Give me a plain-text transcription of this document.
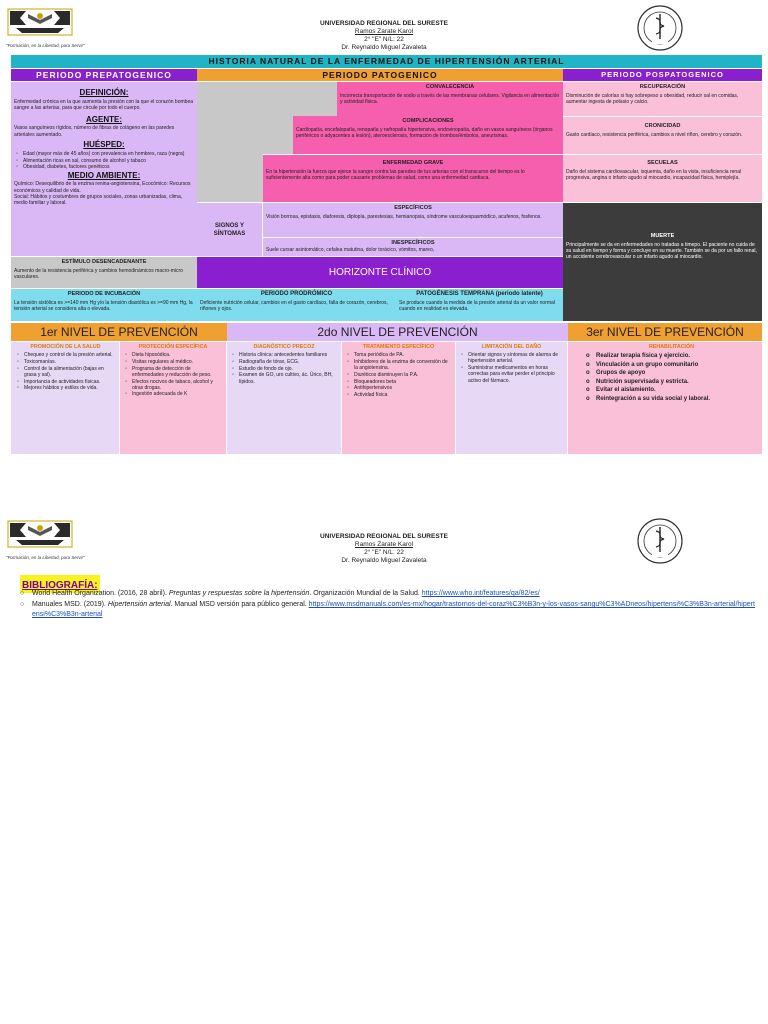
"Formación, en la Libertad, para Servir"
UNIVERSIDAD REGIONAL DEL SURESTE
Ramos Zarate Karol
2° "E" N/L: 22
Dr. Reynaldo Miguel Zavaleta
HISTORIA NATURAL DE LA ENFERMEDAD DE HIPERTENSIÓN ARTERIAL
PERIODO PREPATOGENICO	PERIODO PATOGENICO	PERIODO POSPATOGENICO
DEFINICIÓN:
Enfermedad crónica en la que aumenta la presión con la que el corazón bombea sangre a las arterias, para que circule por todo el cuerpo.
AGENTE:
Vasos sanguíneos rígidos, número de fibras de colágeno en las paredes arteriales aumentado.
HUÉSPED:
◦ Edad (mayor más de 45 años) con prevalencia en hombres, raza (negra)
◦ Alimentación ricas en sal, consumo de alcohol y tabaco
◦ Obesidad, diabetes, factores genéticos
MEDIO AMBIENTE:
Químico: Desequilibrio de la enzima renina-angiotensina, Ecocómico: Recursos económicos y calidad de vida.
Social: Hábitos y costumbres de grupos sociales, zonas urbanizadas, clima, medio familiar y laboral.
ESTÍMULO DESENCADENANTE
Aumento de la resistencia periférica y cambios hemodinámicos macro-micro vasculares.
PERIODO DE INCUBACIÓN
La tensión sistólica es >=140 mm Hg y/o la tensión diastólica es >=90 mm Hg, la tensión arterial se considera alta o elevada.
CONVALECENCIA
Incorrecta transportación de sodio a través de las membranas celulares. Vigilancia en alimentación y actividad física.
COMPLICACIONES
Cardiopatía, encefalopatía, renopatía y nefropatía hipertensiva, endovinopatía, daño en vasos sanguíneos (órganos periféricos o adyacentes a lesión), ateroesclerosis, formación de trombos/émbolos, aneurismas.
ENFERMEDAD GRAVE
En la hipertensión la fuerza que ejerce la sangre contra las paredes de tus arterias con el transcurso del tiempo es lo suficientemente alta como para poder causarte problemas de salud, como una enfermedad cardiaca.
SIGNOS Y SÍNTOMAS
ESPECÍFICOS
Visión borrosa, epistaxis, diaforesis, diplopía, parestesias, hemianopsia, síndrome vasculoespasmódico, acufenos, fosfenos.
INESPECÍFICOS
Suele cursar asintomático, cefalea matutina, dolor torácico, vómitos, mareo,
HORIZONTE CLÍNICO
PERIODO PRODRÓMICO
Deficiente nutrición celular, cambios en el gasto cardíaco, falla de corazón, cerebros, riñones y ojos.
PATOGÉNESIS TEMPRANA (periodo latente)
Se produce cuando la medida de la presión arterial da un valor normal cuando en realidad es elevada.
RECUPERACIÓN
Disminución de calorías si hay sobrepeso u obesidad, reducir sal en comidas, aumentar ingesta de potasio y calcio.
CRONICIDAD
Gasto cardiaco, resistencia periférica, cambios a nivel riñon, cerebro y corazón.
SECUELAS
Daño del sistema cardiovascular, isquemia, daño en la vista, insuficiencia renal progresiva, angina o infarto agudo al miocardio, incapacidad física, hemiplejía.
MUERTE
Principalmente se da en enfermedades no tratadas a timepo. El paciente no cuida de su salud en tiempo y forma y concluye en su muerte. También se da por un fallo renal, un accidente cerebrovascular o un infarto agudo al miocardio.
1er NIVEL DE PREVENCIÓN	2do NIVEL DE PREVENCIÓN	3er NIVEL DE PREVENCIÓN
PROMOCIÓN DE LA SALUD
◦ Chequeo y control de la presión arterial.
◦ Toxicomanías.
◦ Control de la alimentación (bajas en grasa y sal).
◦ Importancia de actividades físicas.
◦ Mejores hábitos y estilos de vida.
PROTECCIÓN ESPECÍFICA
◦ Dieta hiposódica.
◦ Visitas regulares al médico.
◦ Programa de detección de enfermedades y reducción de peso.
◦ Efectos nocivos de tabaco, alcohol y otras drogas.
◦ Ingestión adecuada de K
DIAGNÓSTICO PRECOZ
◦ Historia clínica: antecedentes familiares
◦ Radiografía de tórax, ECG.
◦ Estudio de fondo de ojo.
◦ Examen de GO, uro cultivo, ác. Úrico, BH, lípidos.
TRATAMIENTO ESPECÍFICO
◦ Toma periódica de PA.
◦ Inhibidores de la enzima de conversión de la angiotensina.
◦ Diuréticos disminuyen la P.A.
◦ Bloqueadores beta
◦ Antihipertensivos
◦ Actividad física
LIMITACIÓN DEL DAÑO
◦ Orientar signos y síntomas de alarma de hipertensión arterial.
◦ Suministrar medicamentos en horas correctas para evitar perder el principio activo del fármaco.
REHABILITACIÓN
o Realizar terapia física y ejercicio.
o Vinculación a un grupo comunitario
o Grupos de apoyo
o Nutrición supervisada y estricta.
o Evitar el aislamiento.
o Reintegración a su vida social y laboral.
"Formación, en la Libertad, para Servir"
UNIVERSIDAD REGIONAL DEL SURESTE
Ramos Zarate Karol
2° "E" N/L: 22
Dr. Reynaldo Miguel Zavaleta
BIBLIOGRAFÍA:
○ World Health Organization. (2016, 28 abril). Preguntas y respuestas sobre la hipertensión. Organización Mundial de la Salud. https://www.who.int/features/qa/82/es/
○ Manuales MSD. (2019). Hipertensión arterial. Manual MSD versión para público general. https://www.msdmanuals.com/es-mx/hogar/trastornos-del-coraz%C3%B3n-y-los-vasos-sangu%C3%ADneos/hipertensi%C3%B3n-arterial/hipertensi%C3%B3n-arterial
